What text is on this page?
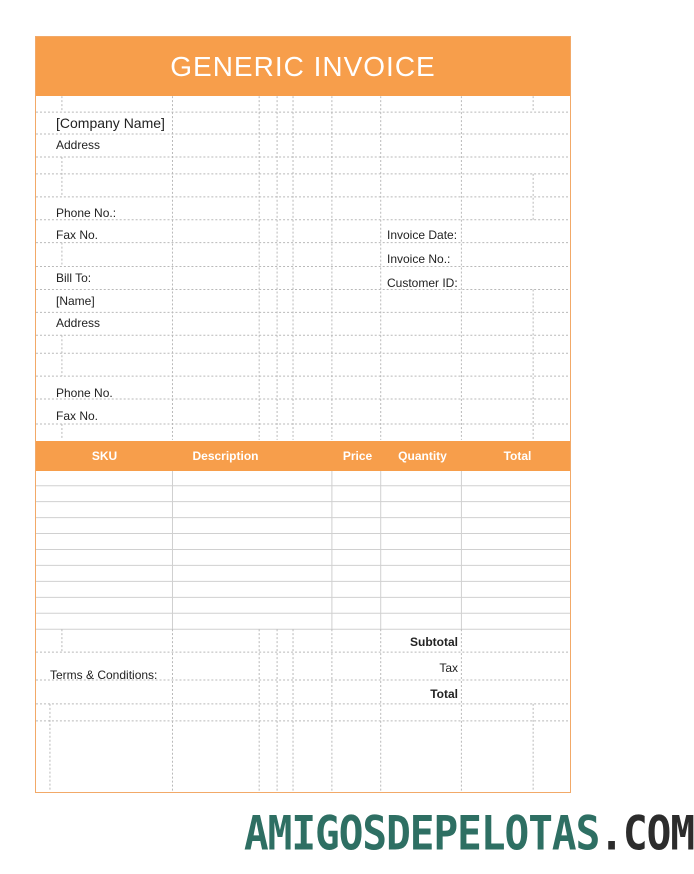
GENERIC INVOICE
[Company Name]
Address
Phone No.:
Fax No.	Invoice Date:
Invoice No.:
Customer ID:
Bill To:
[Name]
Address
Phone No.
Fax No.
SKU	Description	Price	Quantity	Total
Subtotal
Tax
Total
Terms & Conditions:
AMIGOSDEPELOTAS.COM
